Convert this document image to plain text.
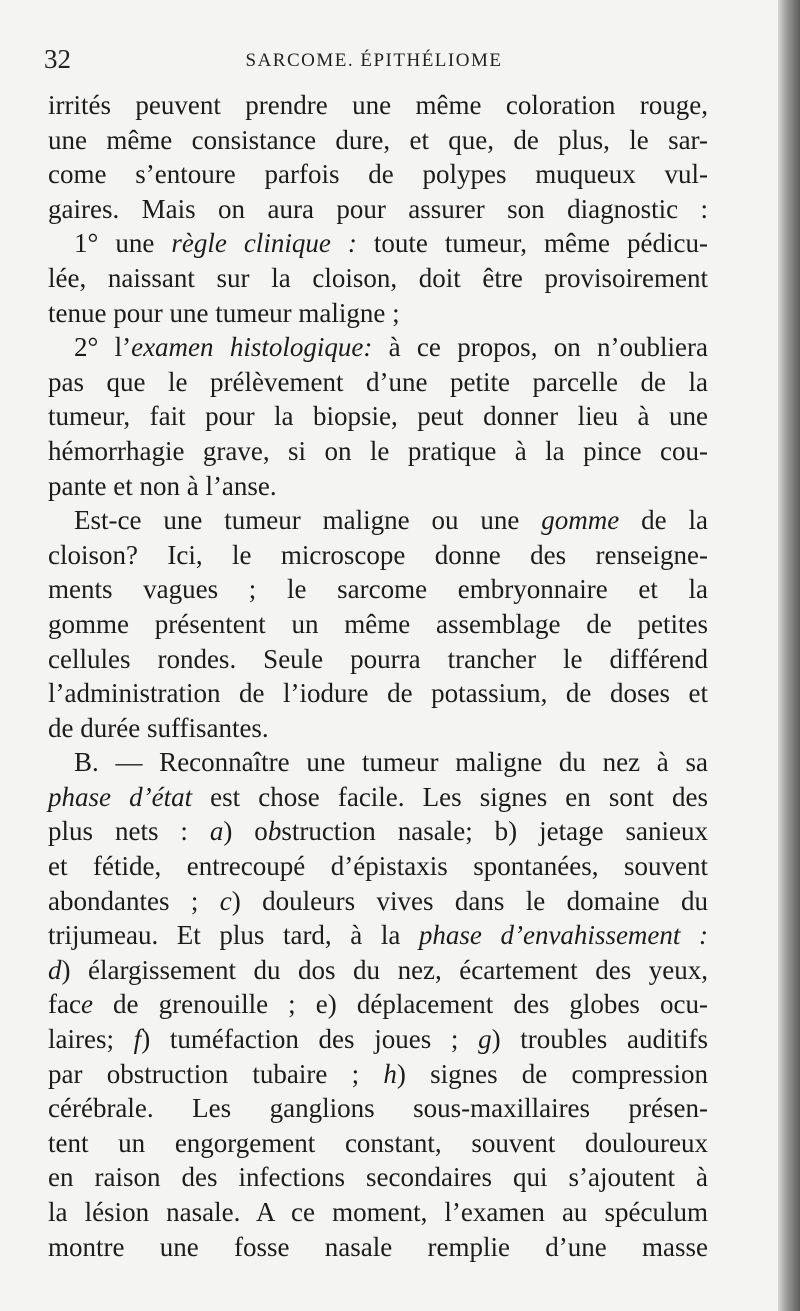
32	SARCOME. ÉPITHÉLIOME
irrités peuvent prendre une même coloration rouge,
une même consistance dure, et que, de plus, le sar-
come s’entoure parfois de polypes muqueux vul-
gaires. Mais on aura pour assurer son diagnostic :
1° une règle clinique : toute tumeur, même pédicu-
lée, naissant sur la cloison, doit être provisoirement
tenue pour une tumeur maligne ;
2° l’examen histologique: à ce propos, on n’oubliera
pas que le prélèvement d’une petite parcelle de la
tumeur, fait pour la biopsie, peut donner lieu à une
hémorrhagie grave, si on le pratique à la pince cou-
pante et non à l’anse.
Est-ce une tumeur maligne ou une gomme de la
cloison? Ici, le microscope donne des renseigne-
ments vagues ; le sarcome embryonnaire et la
gomme présentent un même assemblage de petites
cellules rondes. Seule pourra trancher le différend
l’administration de l’iodure de potassium, de doses et
de durée suffisantes.
B. — Reconnaître une tumeur maligne du nez à sa
phase d’état est chose facile. Les signes en sont des
plus nets : a) obstruction nasale; b) jetage sanieux
et fétide, entrecoupé d’épistaxis spontanées, souvent
abondantes ; c) douleurs vives dans le domaine du
trijumeau. Et plus tard, à la phase d’envahissement :
d) élargissement du dos du nez, écartement des yeux,
face de grenouille ; e) déplacement des globes ocu-
laires; f) tuméfaction des joues ; g) troubles auditifs
par obstruction tubaire ; h) signes de compression
cérébrale. Les ganglions sous-maxillaires présen-
tent un engorgement constant, souvent douloureux
en raison des infections secondaires qui s’ajoutent à
la lésion nasale. A ce moment, l’examen au spéculum
montre une fosse nasale remplie d’une masse
